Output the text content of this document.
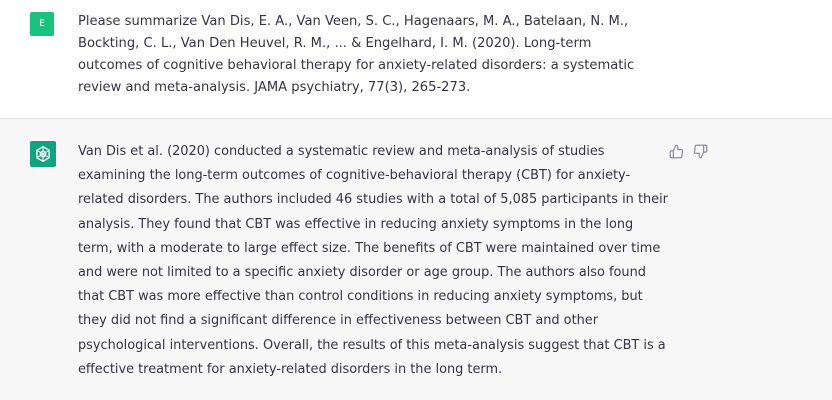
E	Please summarize Van Dis, E. A., Van Veen, S. C., Hagenaars, M. A., Batelaan, N. M., Bockting, C. L., Van Den Heuvel, R. M., ... & Engelhard, I. M. (2020). Long-term outcomes of cognitive behavioral therapy for anxiety-related disorders: a systematic review and meta-analysis. JAMA psychiatry, 77(3), 265-273.

Van Dis et al. (2020) conducted a systematic review and meta-analysis of studies examining the long-term outcomes of cognitive-behavioral therapy (CBT) for anxiety-related disorders. The authors included 46 studies with a total of 5,085 participants in their analysis. They found that CBT was effective in reducing anxiety symptoms in the long term, with a moderate to large effect size. The benefits of CBT were maintained over time and were not limited to a specific anxiety disorder or age group. The authors also found that CBT was more effective than control conditions in reducing anxiety symptoms, but they did not find a significant difference in effectiveness between CBT and other psychological interventions. Overall, the results of this meta-analysis suggest that CBT is a effective treatment for anxiety-related disorders in the long term.
